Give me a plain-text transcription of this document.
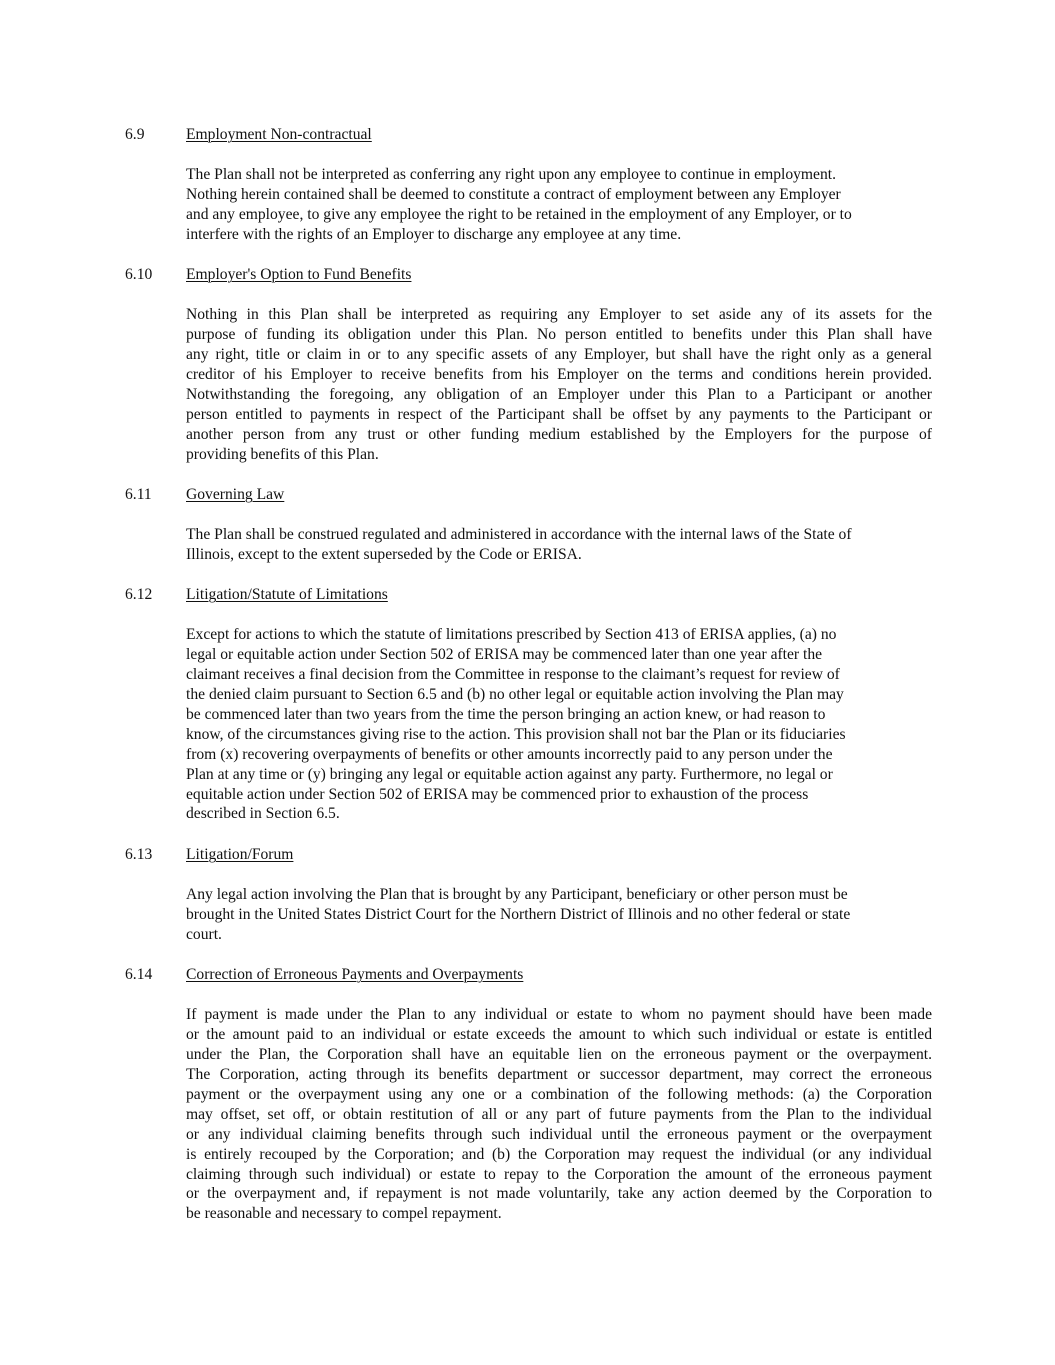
6.9	Employment Non-contractual
The Plan shall not be interpreted as conferring any right upon any employee to continue in employment.
Nothing herein contained shall be deemed to constitute a contract of employment between any Employer
and any employee, to give any employee the right to be retained in the employment of any Employer, or to
interfere with the rights of an Employer to discharge any employee at any time.
6.10 Employer's Option to Fund Benefits
Nothing in this Plan shall be interpreted as requiring any Employer to set aside any of its assets for the
purpose of funding its obligation under this Plan. No person entitled to benefits under this Plan shall have
any right, title or claim in or to any specific assets of any Employer, but shall have the right only as a general
creditor of his Employer to receive benefits from his Employer on the terms and conditions herein provided.
Notwithstanding the foregoing, any obligation of an Employer under this Plan to a Participant or another
person entitled to payments in respect of the Participant shall be offset by any payments to the Participant or
another person from any trust or other funding medium established by the Employers for the purpose of
providing benefits of this Plan.
6.11 Governing Law
The Plan shall be construed regulated and administered in accordance with the internal laws of the State of
Illinois, except to the extent superseded by the Code or ERISA.
6.12 Litigation/Statute of Limitations
Except for actions to which the statute of limitations prescribed by Section 413 of ERISA applies, (a) no
legal or equitable action under Section 502 of ERISA may be commenced later than one year after the
claimant receives a final decision from the Committee in response to the claimant’s request for review of
the denied claim pursuant to Section 6.5 and (b) no other legal or equitable action involving the Plan may
be commenced later than two years from the time the person bringing an action knew, or had reason to
know, of the circumstances giving rise to the action. This provision shall not bar the Plan or its fiduciaries
from (x) recovering overpayments of benefits or other amounts incorrectly paid to any person under the
Plan at any time or (y) bringing any legal or equitable action against any party. Furthermore, no legal or
equitable action under Section 502 of ERISA may be commenced prior to exhaustion of the process
described in Section 6.5.
6.13 Litigation/Forum
Any legal action involving the Plan that is brought by any Participant, beneficiary or other person must be
brought in the United States District Court for the Northern District of Illinois and no other federal or state
court.
6.14 Correction of Erroneous Payments and Overpayments
If payment is made under the Plan to any individual or estate to whom no payment should have been made
or the amount paid to an individual or estate exceeds the amount to which such individual or estate is entitled
under the Plan, the Corporation shall have an equitable lien on the erroneous payment or the overpayment.
The Corporation, acting through its benefits department or successor department, may correct the erroneous
payment or the overpayment using any one or a combination of the following methods: (a) the Corporation
may offset, set off, or obtain restitution of all or any part of future payments from the Plan to the individual
or any individual claiming benefits through such individual until the erroneous payment or the overpayment
is entirely recouped by the Corporation; and (b) the Corporation may request the individual (or any individual
claiming through such individual) or estate to repay to the Corporation the amount of the erroneous payment
or the overpayment and, if repayment is not made voluntarily, take any action deemed by the Corporation to
be reasonable and necessary to compel repayment.
